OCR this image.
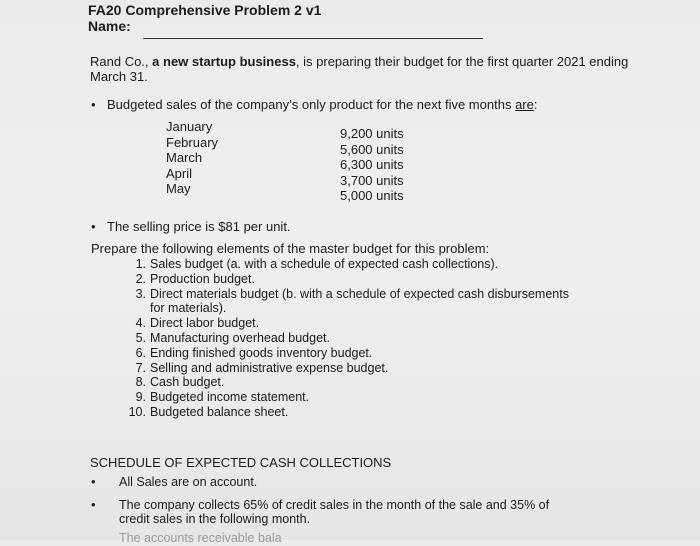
FA20 Comprehensive Problem 2 v1
Name:
Rand Co., a new startup business, is preparing their budget for the first quarter 2021 ending March 31.
• Budgeted sales of the company’s only product for the next five months are:
January
February
March
April
May
9,200 units
5,600 units
6,300 units
3,700 units
5,000 units
• The selling price is $81 per unit.
Prepare the following elements of the master budget for this problem:
1. Sales budget (a. with a schedule of expected cash collections).
2. Production budget.
3. Direct materials budget (b. with a schedule of expected cash disbursements
for materials).
4. Direct labor budget.
5. Manufacturing overhead budget.
6. Ending finished goods inventory budget.
7. Selling and administrative expense budget.
8. Cash budget.
9. Budgeted income statement.
10. Budgeted balance sheet.
SCHEDULE OF EXPECTED CASH COLLECTIONS
• All Sales are on account.
• The company collects 65% of credit sales in the month of the sale and 35% of
credit sales in the following month.
The accounts receivable bala
